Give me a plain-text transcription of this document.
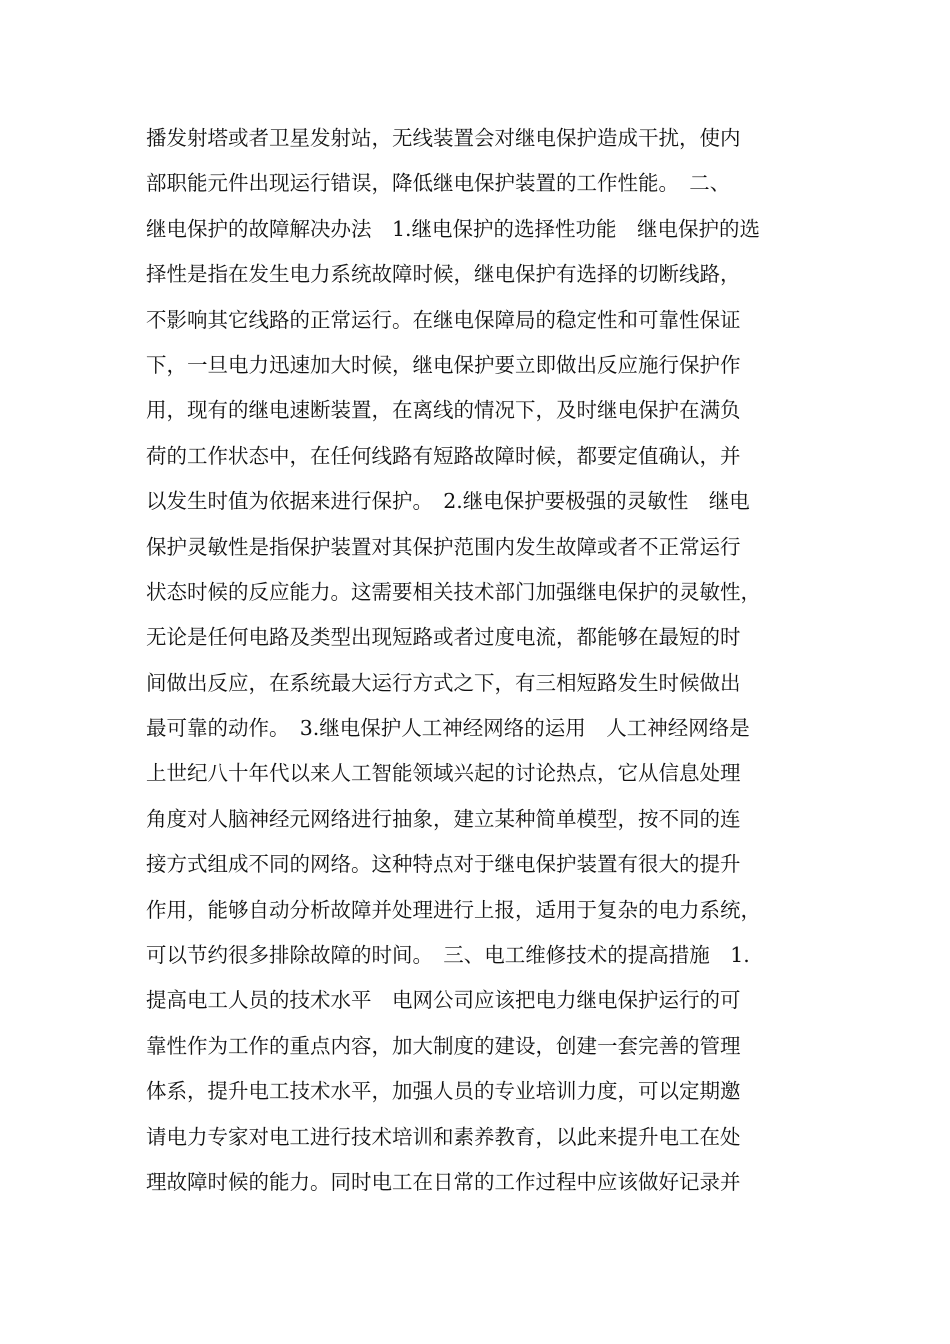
播发射塔或者卫星发射站，无线装置会对继电保护造成干扰，使内
部职能元件出现运行错误，降低继电保护装置的工作性能。　二、
继电保护的故障解决办法　1.继电保护的选择性功能　继电保护的选
择性是指在发生电力系统故障时候，继电保护有选择的切断线路，
不影响其它线路的正常运行。在继电保障局的稳定性和可靠性保证
下，一旦电力迅速加大时候，继电保护要立即做出反应施行保护作
用，现有的继电速断装置，在离线的情况下，及时继电保护在满负
荷的工作状态中，在任何线路有短路故障时候，都要定值确认，并
以发生时值为依据来进行保护。　2.继电保护要极强的灵敏性　继电
保护灵敏性是指保护装置对其保护范围内发生故障或者不正常运行
状态时候的反应能力。这需要相关技术部门加强继电保护的灵敏性，
无论是任何电路及类型出现短路或者过度电流，都能够在最短的时
间做出反应，在系统最大运行方式之下，有三相短路发生时候做出
最可靠的动作。　3.继电保护人工神经网络的运用　人工神经网络是
上世纪八十年代以来人工智能领域兴起的讨论热点，它从信息处理
角度对人脑神经元网络进行抽象，建立某种简单模型，按不同的连
接方式组成不同的网络。这种特点对于继电保护装置有很大的提升
作用，能够自动分析故障并处理进行上报，适用于复杂的电力系统，
可以节约很多排除故障的时间。　三、电工维修技术的提高措施　1.
提高电工人员的技术水平　电网公司应该把电力继电保护运行的可
靠性作为工作的重点内容，加大制度的建设，创建一套完善的管理
体系，提升电工技术水平，加强人员的专业培训力度，可以定期邀
请电力专家对电工进行技术培训和素养教育，以此来提升电工在处
理故障时候的能力。同时电工在日常的工作过程中应该做好记录并
